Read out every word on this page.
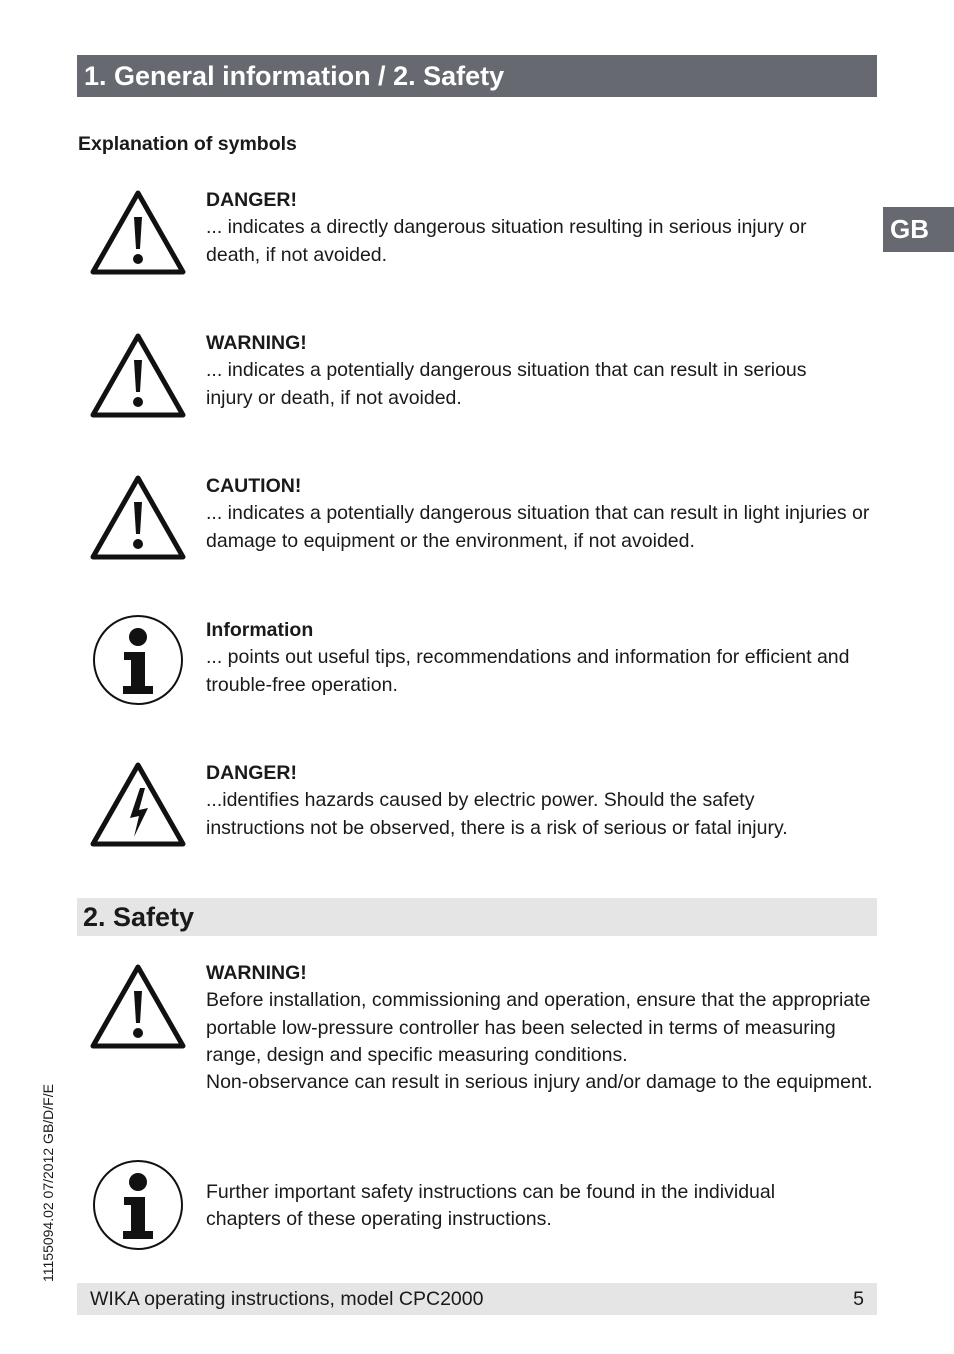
1. General information / 2. Safety
GB
Explanation of symbols
DANGER!
... indicates a directly dangerous situation resulting in serious injury or death, if not avoided.
WARNING!
... indicates a potentially dangerous situation that can result in serious injury or death, if not avoided.
CAUTION!
... indicates a potentially dangerous situation that can result in light injuries or damage to equipment or the environment, if not avoided.
Information
... points out useful tips, recommendations and information for efficient and trouble-free operation.
DANGER!
...identifies hazards caused by electric power. Should the safety instructions not be observed, there is a risk of serious or fatal injury.
2. Safety
WARNING!
Before installation, commissioning and operation, ensure that the appropriate portable low-pressure controller has been selected in terms of measuring range, design and specific measuring conditions.
Non-observance can result in serious injury and/or damage to the equipment.
Further important safety instructions can be found in the individual chapters of these operating instructions.
11155094.02 07/2012 GB/D/F/E
WIKA operating instructions, model CPC2000	5
